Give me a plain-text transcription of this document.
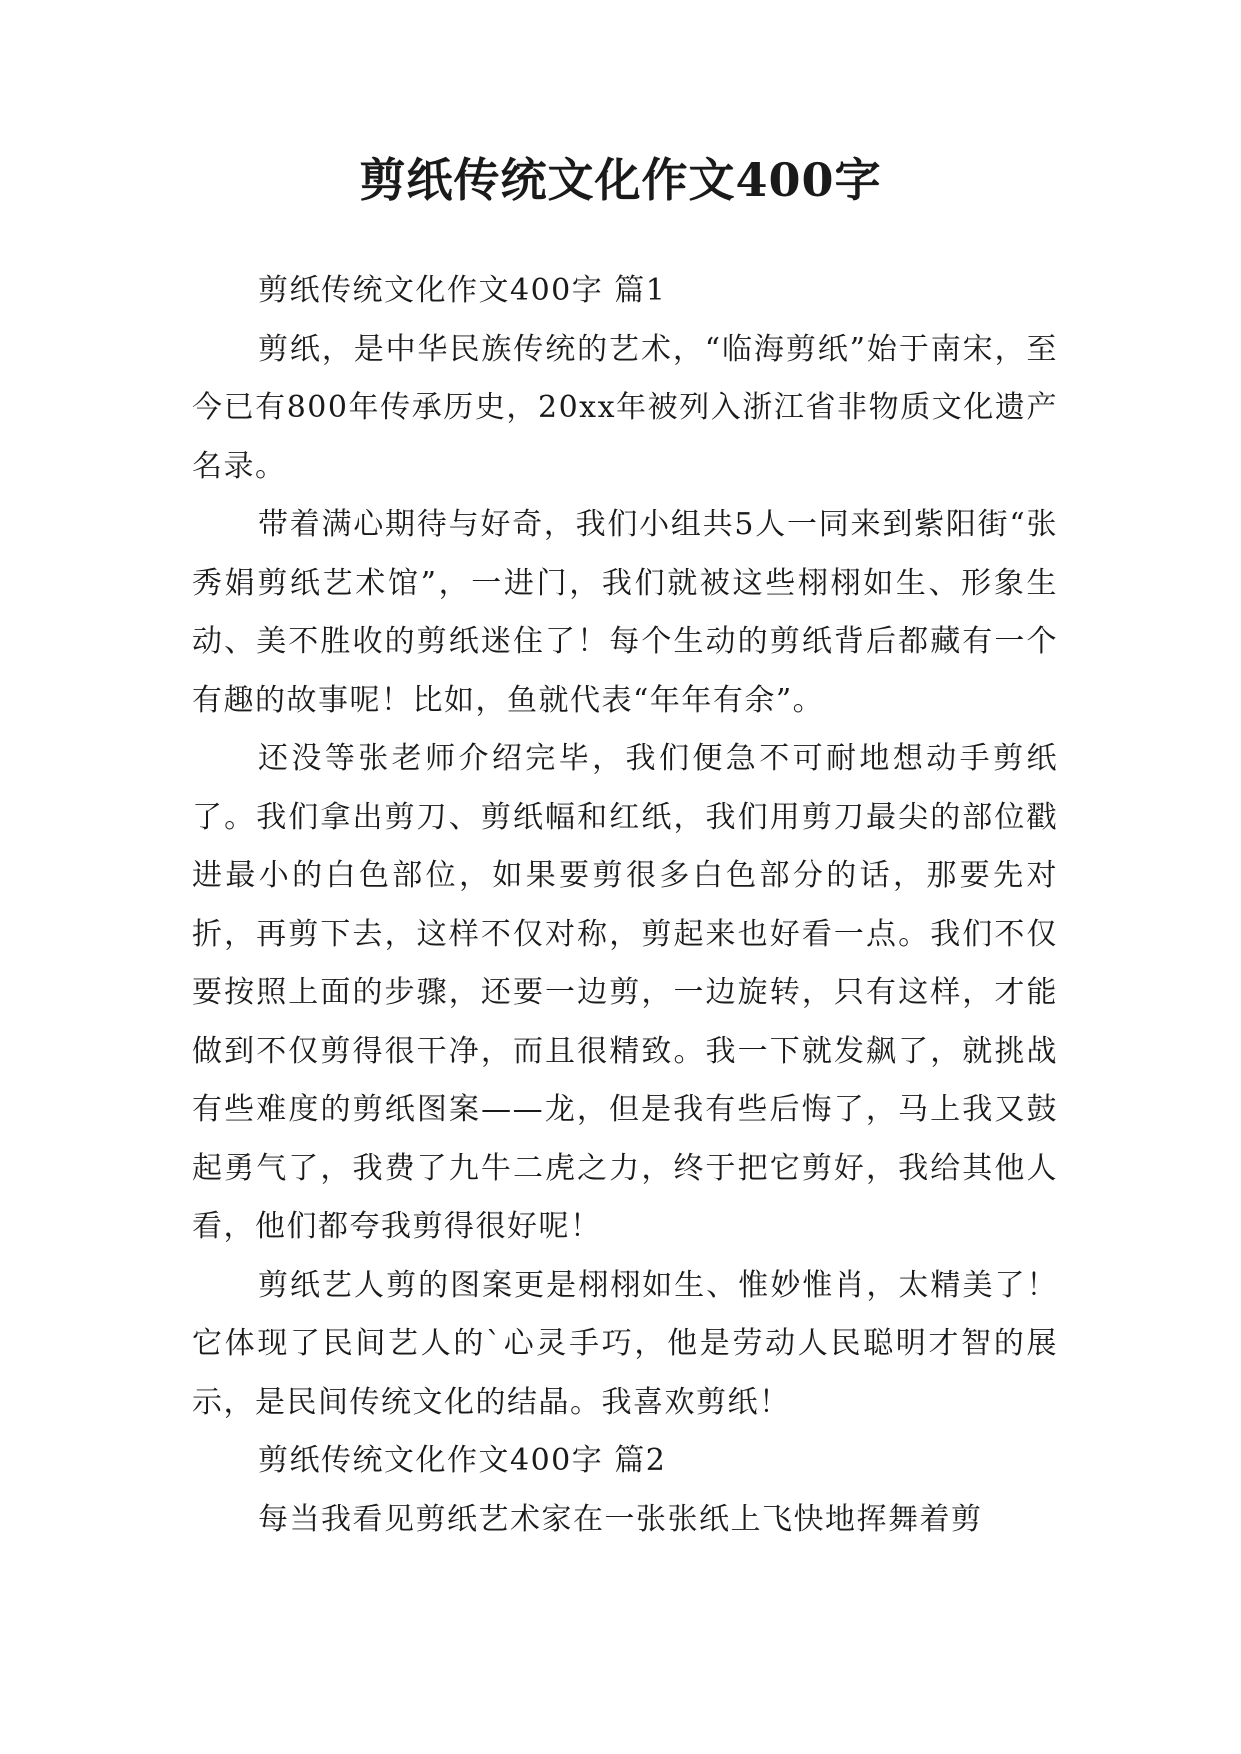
剪纸传统文化作文400字

剪纸传统文化作文400字 篇1

剪纸，是中华民族传统的艺术，“临海剪纸”始于南宋，至今已有800年传承历史，20xx年被列入浙江省非物质文化遗产名录。

带着满心期待与好奇，我们小组共5人一同来到紫阳街“张秀娟剪纸艺术馆”，一进门，我们就被这些栩栩如生、形象生动、美不胜收的剪纸迷住了！每个生动的剪纸背后都藏有一个有趣的故事呢！比如，鱼就代表“年年有余”。

还没等张老师介绍完毕，我们便急不可耐地想动手剪纸了。我们拿出剪刀、剪纸幅和红纸，我们用剪刀最尖的部位戳进最小的白色部位，如果要剪很多白色部分的话，那要先对折，再剪下去，这样不仅对称，剪起来也好看一点。我们不仅要按照上面的步骤，还要一边剪，一边旋转，只有这样，才能做到不仅剪得很干净，而且很精致。我一下就发飙了，就挑战有些难度的剪纸图案——龙，但是我有些后悔了，马上我又鼓起勇气了，我费了九牛二虎之力，终于把它剪好，我给其他人看，他们都夸我剪得很好呢！

剪纸艺人剪的图案更是栩栩如生、惟妙惟肖，太精美了！它体现了民间艺人的`心灵手巧，他是劳动人民聪明才智的展示，是民间传统文化的结晶。我喜欢剪纸！

剪纸传统文化作文400字 篇2

每当我看见剪纸艺术家在一张张纸上飞快地挥舞着剪
